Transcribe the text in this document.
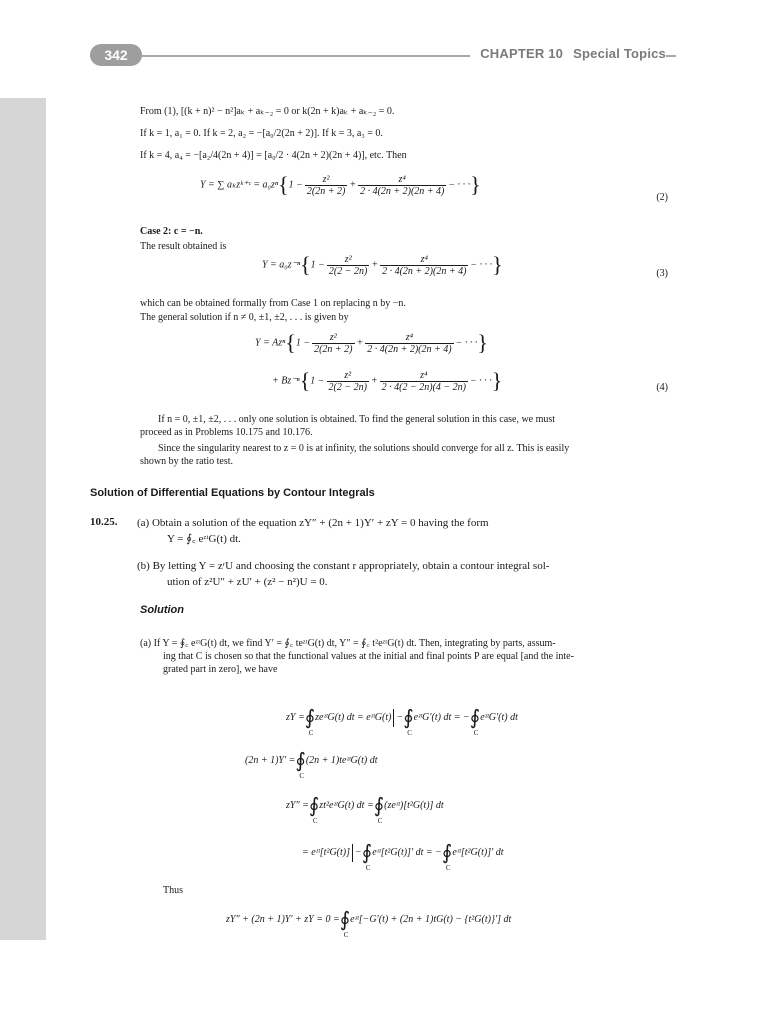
342	CHAPTER 10 Special Topics
From (1), [(k + n)² − n²]aₖ + aₖ₋₂ = 0 or k(2n + k)aₖ + aₖ₋₂ = 0.
If k = 1, a₁ = 0. If k = 2, a₂ = −[a₀/2(2n + 2)]. If k = 3, a₃ = 0.
If k = 4, a₄ = −[a₂/4(2n + 4)] = [a₀/2 · 4(2n + 2)(2n + 4)], etc. Then
Y = ∑ aₖzᵏ⁺ᶜ = $a_0z^n\{1 - \frac{\text{z²}}{2(2n + 2)} + \frac{\text{z⁴}}{2 \cdot 4(2n + 2)(2n + 4)}$ − · · ·}
(2)
Case 2: c = −n.
The result obtained is
$Y = a_0z^{-n}\{1 - \frac{\text{z²}}{2(2 - 2n)} + \frac{\text{z⁴}}{2 \cdot 4(2n + 2)(2n + 4)}$ − · · ·}	(3)
which can be obtained formally from Case 1 on replacing n by −n.
The general solution if n ≠ 0, ±1, ±2, . . . is given by
$Y = Az^n\{1 - \frac{\text{z²}}{2(2n + 2)} + \frac{\text{z⁴}}{2 \cdot 4(2n + 2)(2n + 4)}$ − · · ·}
+ $Bz^{-n}\{1 - \frac{\text{z²}}{2(2 - 2n)} + \frac{\text{z⁴}}{2 \cdot 4(2 - 2n)(4 - 2n)}$ − · · ·}	(4)
If n = 0, ±1, ±2, . . . only one solution is obtained. To find the general solution in this case, we must
proceed as in Problems 10.175 and 10.176.
Since the singularity nearest to z = 0 is at infinity, the solutions should converge for all z. This is easily
shown by the ratio test.
Solution of Differential Equations by Contour Integrals
10.25. (a) Obtain a solution of the equation zY″ + (2n + 1)Y′ + zY = 0 having the form
Y = ∮꜀ eᶻᵗG(t) dt.
(b) By letting Y = zʳU and choosing the constant r appropriately, obtain a contour integral sol-
ution of z²U″ + zU′ + (z² − n²)U = 0.
Solution
(a) If Y = ∮꜀ eᶻᵗG(t) dt, we find Y′ = ∮꜀ teᶻᵗG(t) dt, Y″ = ∮꜀ t²eᶻᵗG(t) dt. Then, integrating by parts, assum-
ing that C is chosen so that the functional values at the initial and final points P are equal [and the inte-
grated part in zero], we have
zY =∮
C
zeᶻᵗG(t) dt = eᶻᵗG(t) −∮
C
eᶻᵗG′(t) dt = −∮
C
eᶻᵗG′(t) dt
(2n + 1)Y′ =∮
C
(2n + 1)teᶻᵗG(t) dt
zY″ =∮
C
zt²eᶻᵗG(t) dt =∮
C
(zeᶻᵗ)[t²G(t)] dt
= eᶻᵗ[t²G(t)] −∮
C
eᶻᵗ[t²G(t)]′ dt = −∮
C
eᶻᵗ[t²G(t)]′ dt
Thus
zY″ + (2n + 1)Y′ + zY = 0 =∮
C
eᶻᵗ[−G′(t) + (2n + 1)tG(t) − {t²G(t)}′] dt
